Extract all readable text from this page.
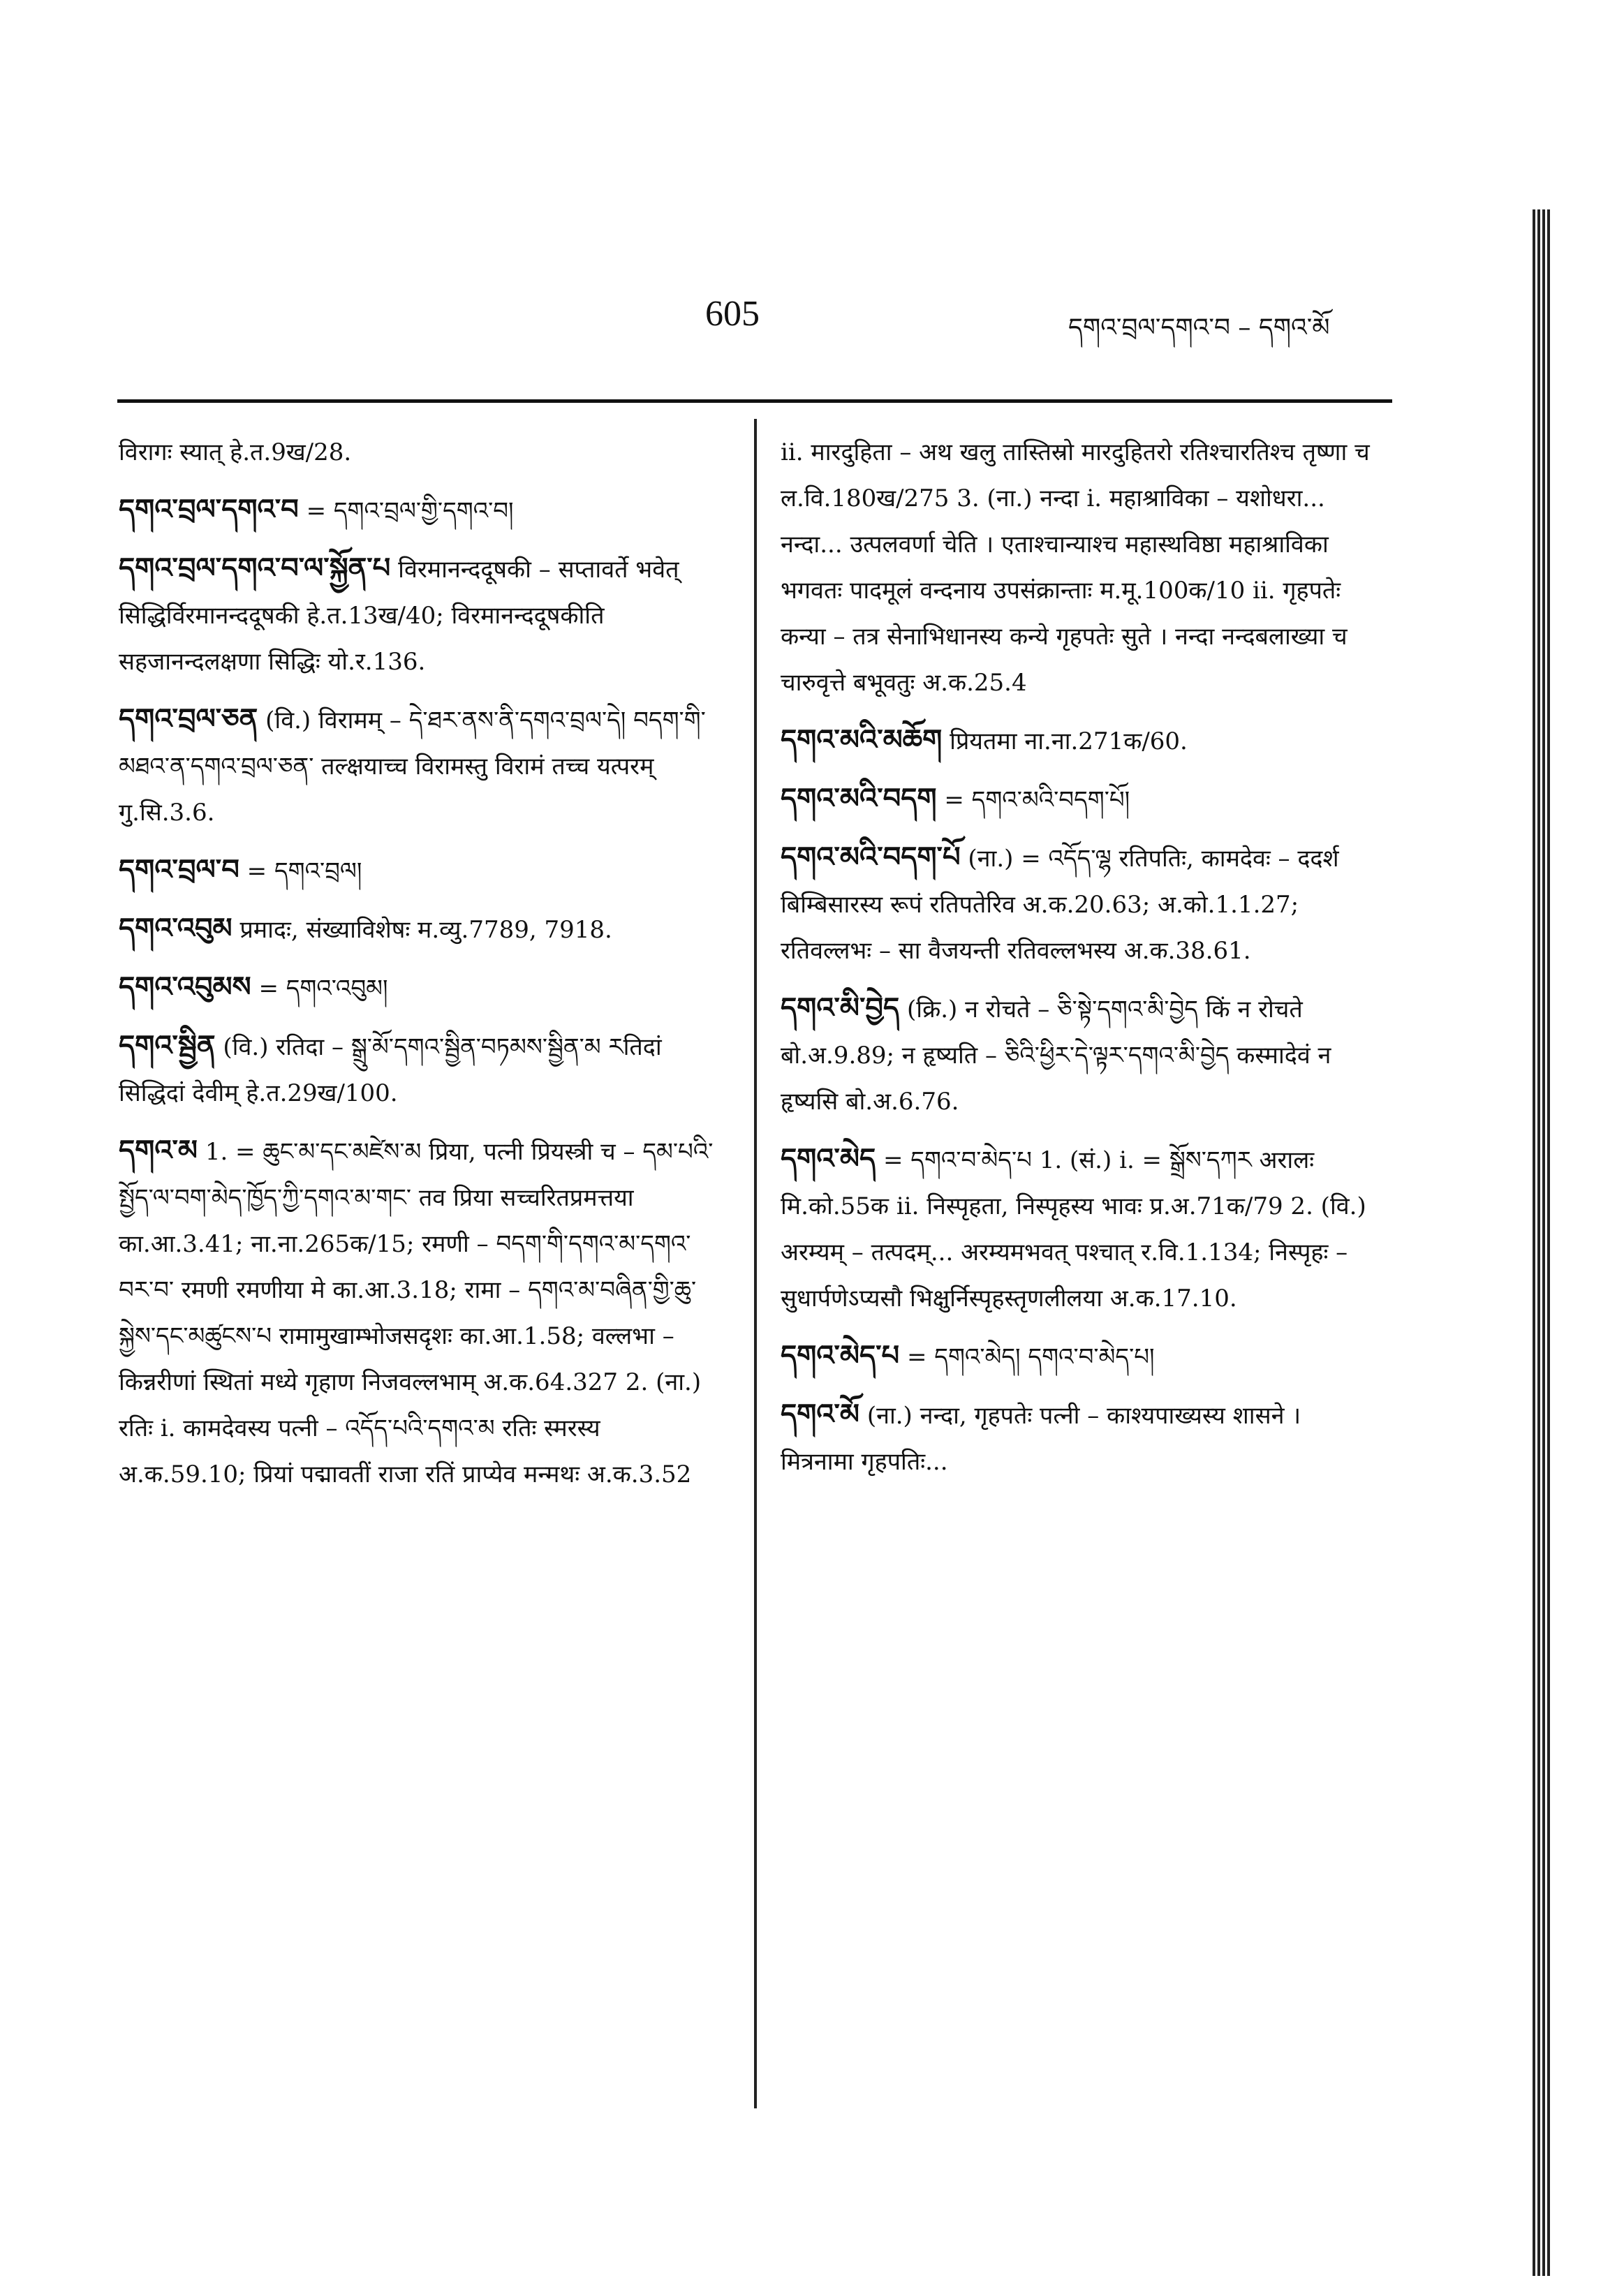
605	དགའ་བྲལ་དགའ་བ – དགའ་མོ
विरागः स्यात् हे.त.9ख/28.
དགའ་བྲལ་དགའ་བ = དགའ་བྲལ་གྱི་དགའ་བ།
དགའ་བྲལ་དགའ་བ་ལ་སྐྱོན་པ विरमानन्ददूषकी – सप्तावर्ते भवेत् सिद्धिर्विरमानन्ददूषकी हे.त.13ख/40; विरमानन्ददूषकीति सहजानन्दलक्षणा सिद्धिः यो.र.136.
དགའ་བྲལ་ཅན (वि.) विरामम् – དེ་ཐར་ནས་ནི་དགའ་བྲལ་དེ། བདག་གི་མཐའ་ན་དགའ་བྲལ་ཅན་ तल्क्षयाच्च विरामस्तु विरामं तच्च यत्परम् गु.सि.3.6.
དགའ་བྲལ་བ = དགའ་བྲལ།
དགའ་འབུམ प्रमादः, संख्याविशेषः म.व्यु.7789, 7918.
དགའ་འབུམས = དགའ་འབུམ།
དགའ་སྦྱིན (वि.) रतिदा – སྒྲུ་མོ་དགའ་སྦྱིན་བཏམས་སྦྱིན་མ རतिदां सिद्धिदां देवीम् हे.त.29ख/100.
དགའ་མ 1. = ཆུང་མ་དང་མཛེས་མ प्रिया, पत्नी प्रियस्त्री च – དམ་པའི་སྤྱོད་ལ་བག་མེད་ཁྱོད་ཀྱི་དགའ་མ་གང་ तव प्रिया सच्चरितप्रमत्तया का.आ.3.41; ना.ना.265क/15; रमणी – བདག་གི་དགའ་མ་དགའ་བར་བ་ रमणी रमणीया मे का.आ.3.18; रामा – དགའ་མ་བཞིན་གྱི་ཆུ་སྐྱེས་དང་མཚུངས་པ रामामुखाम्भोजसदृशः का.आ.1.58; वल्लभा – किन्नरीणां स्थितां मध्ये गृहाण निजवल्लभाम् अ.क.64.327 2. (ना.) रतिः i. कामदेवस्य पत्नी – འདོད་པའི་དགའ་མ रतिः स्मरस्य अ.क.59.10; प्रियां पद्मावतीं राजा रतिं प्राप्येव मन्मथः अ.क.3.52
ii. मारदुहिता – अथ खलु तास्तिस्रो मारदुहितरो रतिश्चारतिश्च तृष्णा च ल.वि.180ख/275 3. (ना.) नन्दा i. महाश्राविका – यशोधरा... नन्दा... उत्पलवर्णा चेति । एताश्चान्याश्च महास्थविष्ठा महाश्राविका भगवतः पादमूलं वन्दनाय उपसंक्रान्ताः म.मू.100क/10 ii. गृहपतेः कन्या – तत्र सेनाभिधानस्य कन्ये गृहपतेः सुते । नन्दा नन्दबलाख्या च चारुवृत्ते बभूवतुः अ.क.25.4
དགའ་མའི་མཆོག प्रियतमा ना.ना.271क/60.
དགའ་མའི་བདག = དགའ་མའི་བདག་པོ།
དགའ་མའི་བདག་པོ (ना.) = འདོད་ལྷ रतिपतिः, कामदेवः – ददर्श बिम्बिसारस्य रूपं रतिपतेरिव अ.क.20.63; अ.को.1.1.27; रतिवल्लभः – सा वैजयन्ती रतिवल्लभस्य अ.क.38.61.
དགའ་མི་བྱེད (क्रि.) न रोचते – ཅི་སྟེ་དགའ་མི་བྱེད किं न रोचते बो.अ.9.89; न हृष्यति – ཅིའི་ཕྱིར་དེ་ལྟར་དགའ་མི་བྱེད कस्मादेवं न हृष्यसि बो.अ.6.76.
དགའ་མེད = དགའ་བ་མེད་པ 1. (सं.) i. = སྒྲོས་དཀར अरालः मि.को.55क ii. निस्पृहता, निस्पृहस्य भावः प्र.अ.71क/79 2. (वि.) अरम्यम् – तत्पदम्... अरम्यमभवत् पश्चात् र.वि.1.134; निस्पृहः – सुधार्पणेऽप्यसौ भिक्षुर्निस्पृहस्तृणलीलया अ.क.17.10.
དགའ་མེད་པ = དགའ་མེད། དགའ་བ་མེད་པ།
དགའ་མོ (ना.) नन्दा, गृहपतेः पत्नी – काश्यपाख्यस्य शासने । मित्रनामा गृहपतिः...
